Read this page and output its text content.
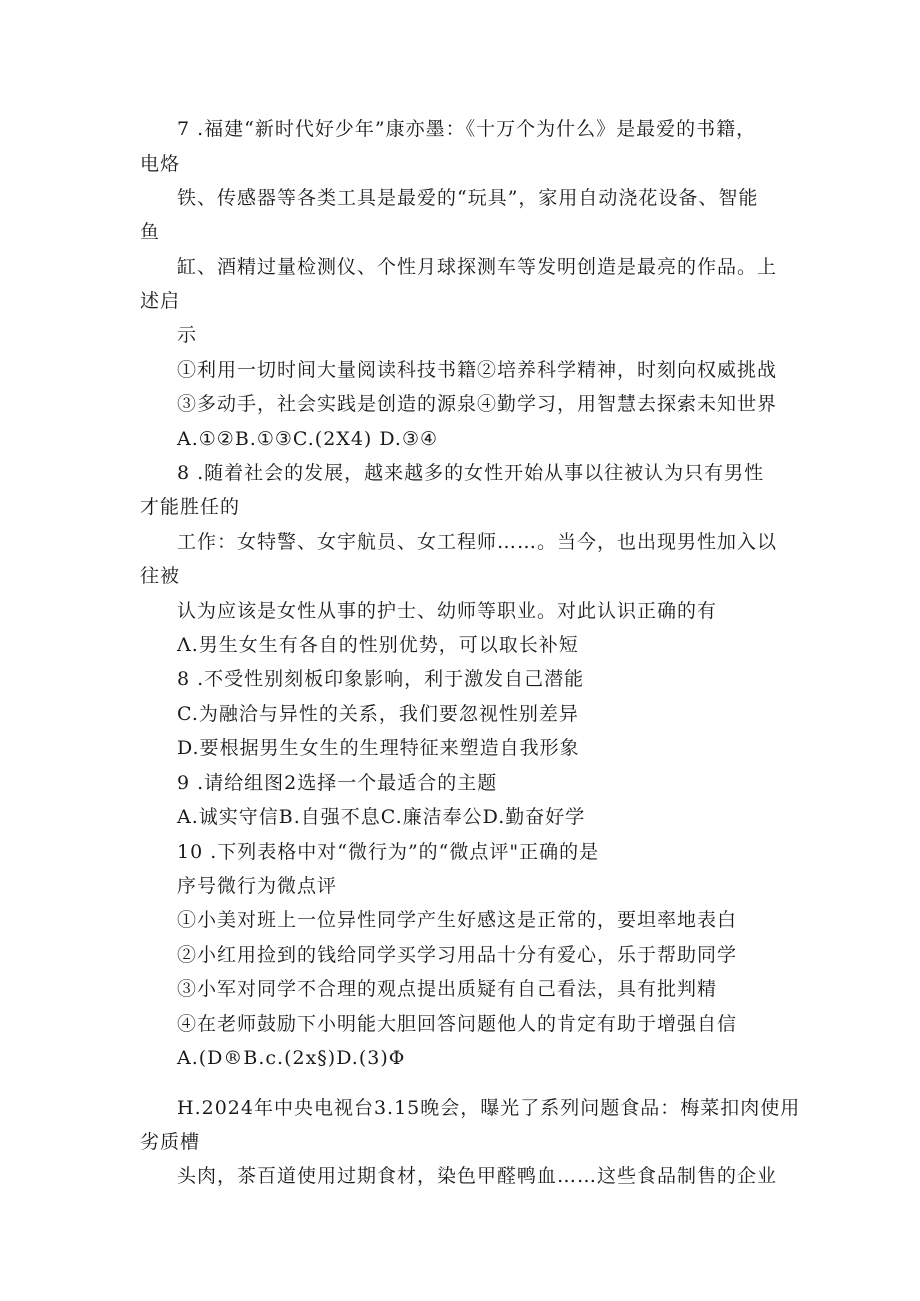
7 .福建“新时代好少年”康亦墨：《十万个为什么》是最爱的书籍，
电烙
铁、传感器等各类工具是最爱的“玩具”，家用自动浇花设备、智能
鱼
缸、酒精过量检测仪、个性月球探测车等发明创造是最亮的作品。上
述启
示
①利用一切时间大量阅读科技书籍②培养科学精神，时刻向权威挑战
③多动手，社会实践是创造的源泉④勤学习，用智慧去探索未知世界
A.①②B.①③C.(2X4) D.③④
8 .随着社会的发展，越来越多的女性开始从事以往被认为只有男性
才能胜任的
工作：女特警、女宇航员、女工程师……。当今，也出现男性加入以
往被
认为应该是女性从事的护士、幼师等职业。对此认识正确的有
Λ.男生女生有各自的性别优势，可以取长补短
8 .不受性别刻板印象影响，利于激发自己潜能
C.为融洽与异性的关系，我们要忽视性别差异
D.要根据男生女生的生理特征来塑造自我形象
9 .请给组图2选择一个最适合的主题
A.诚实守信B.自强不息C.廉洁奉公D.勤奋好学
10 .下列表格中对“微行为”的“微点评"正确的是
序号微行为微点评
①小美对班上一位异性同学产生好感这是正常的，要坦率地表白
②小红用捡到的钱给同学买学习用品十分有爱心，乐于帮助同学
③小军对同学不合理的观点提出质疑有自己看法，具有批判精
④在老师鼓励下小明能大胆回答问题他人的肯定有助于增强自信
A.(D®B.c.(2x§)D.(3)Φ
H.2024年中央电视台3.15晚会，曝光了系列问题食品：梅菜扣肉使用
劣质槽
头肉，茶百道使用过期食材，染色甲醛鸭血……这些食品制售的企业
